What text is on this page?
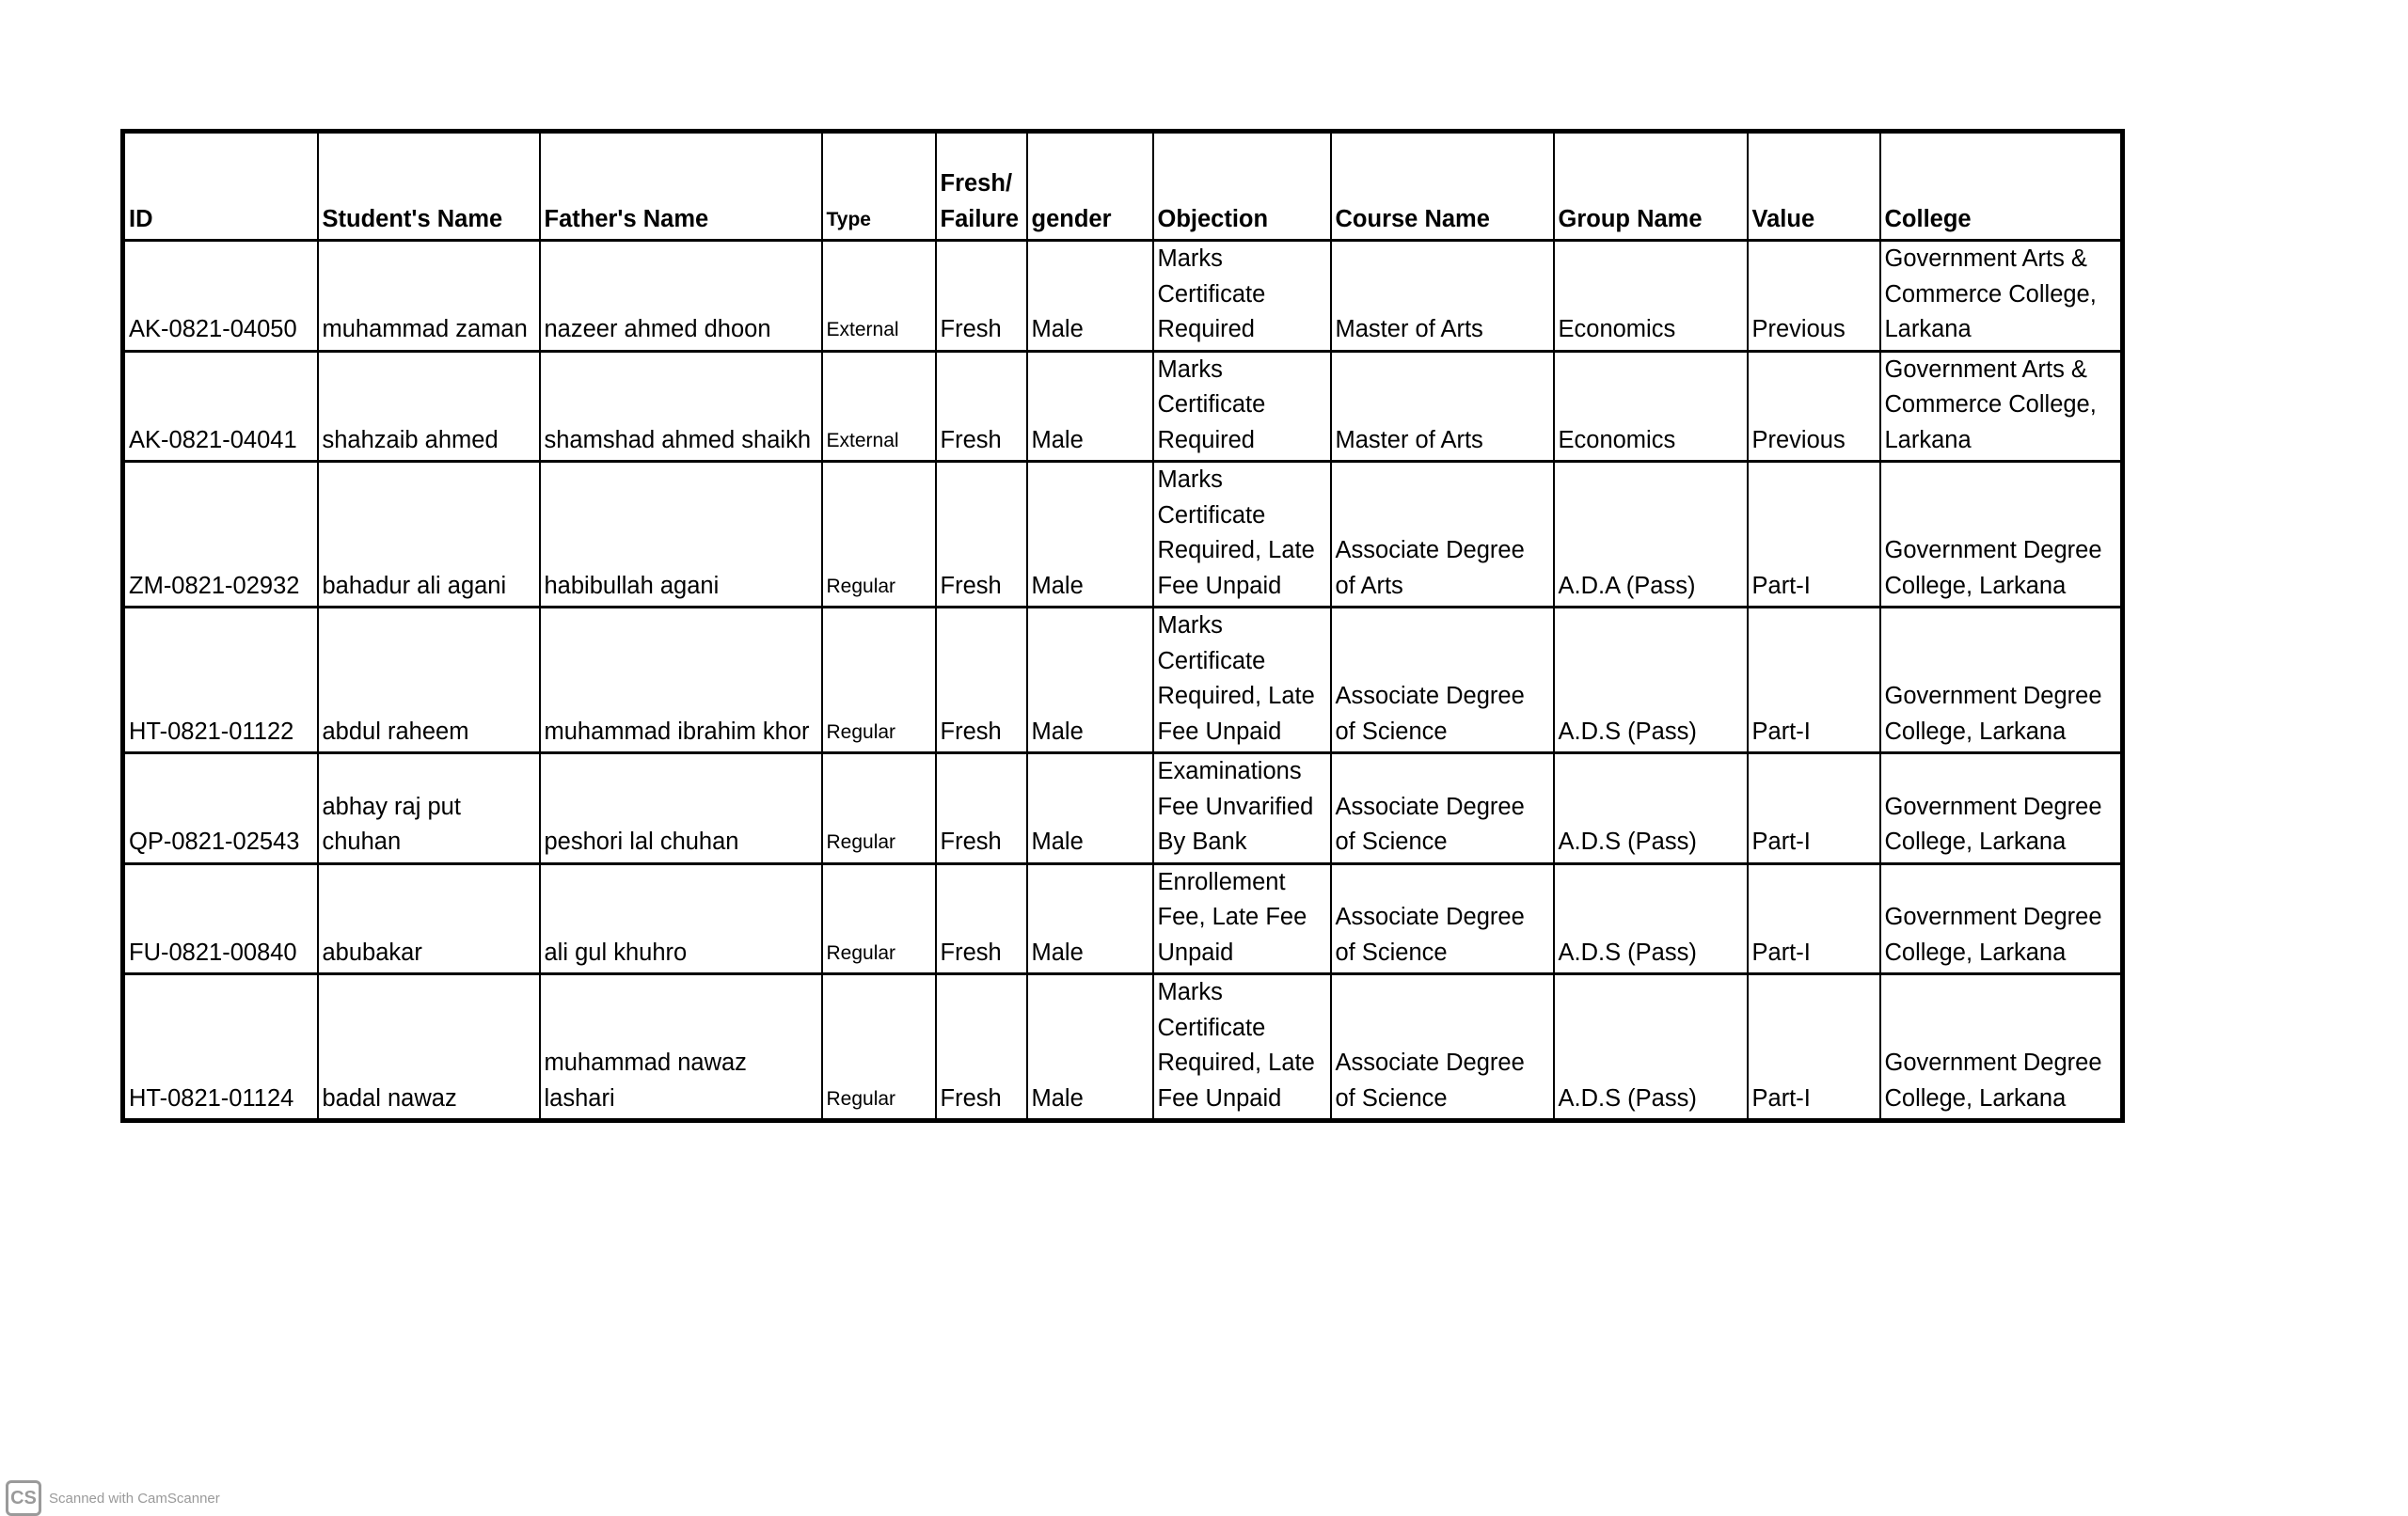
ID	Student's Name	Father's Name	Type	Fresh/ Failure	gender	Objection	Course Name	Group Name	Value	College
AK-0821-04050	muhammad zaman	nazeer ahmed dhoon	External	Fresh	Male	Marks Certificate Required	Master of Arts	Economics	Previous	Government Arts & Commerce College, Larkana
AK-0821-04041	shahzaib ahmed	shamshad ahmed shaikh	External	Fresh	Male	Marks Certificate Required	Master of Arts	Economics	Previous	Government Arts & Commerce College, Larkana
ZM-0821-02932	bahadur ali agani	habibullah agani	Regular	Fresh	Male	Marks Certificate Required, Late Fee Unpaid	Associate Degree of Arts	A.D.A (Pass)	Part-I	Government Degree College, Larkana
HT-0821-01122	abdul raheem	muhammad ibrahim khor	Regular	Fresh	Male	Marks Certificate Required, Late Fee Unpaid	Associate Degree of Science	A.D.S (Pass)	Part-I	Government Degree College, Larkana
QP-0821-02543	abhay raj put chuhan	peshori lal chuhan	Regular	Fresh	Male	Examinations Fee Unvarified By Bank	Associate Degree of Science	A.D.S (Pass)	Part-I	Government Degree College, Larkana
FU-0821-00840	abubakar	ali gul khuhro	Regular	Fresh	Male	Enrollement Fee, Late Fee Unpaid	Associate Degree of Science	A.D.S (Pass)	Part-I	Government Degree College, Larkana
HT-0821-01124	badal nawaz	muhammad nawaz lashari	Regular	Fresh	Male	Marks Certificate Required, Late Fee Unpaid	Associate Degree of Science	A.D.S (Pass)	Part-I	Government Degree College, Larkana
CS Scanned with CamScanner
